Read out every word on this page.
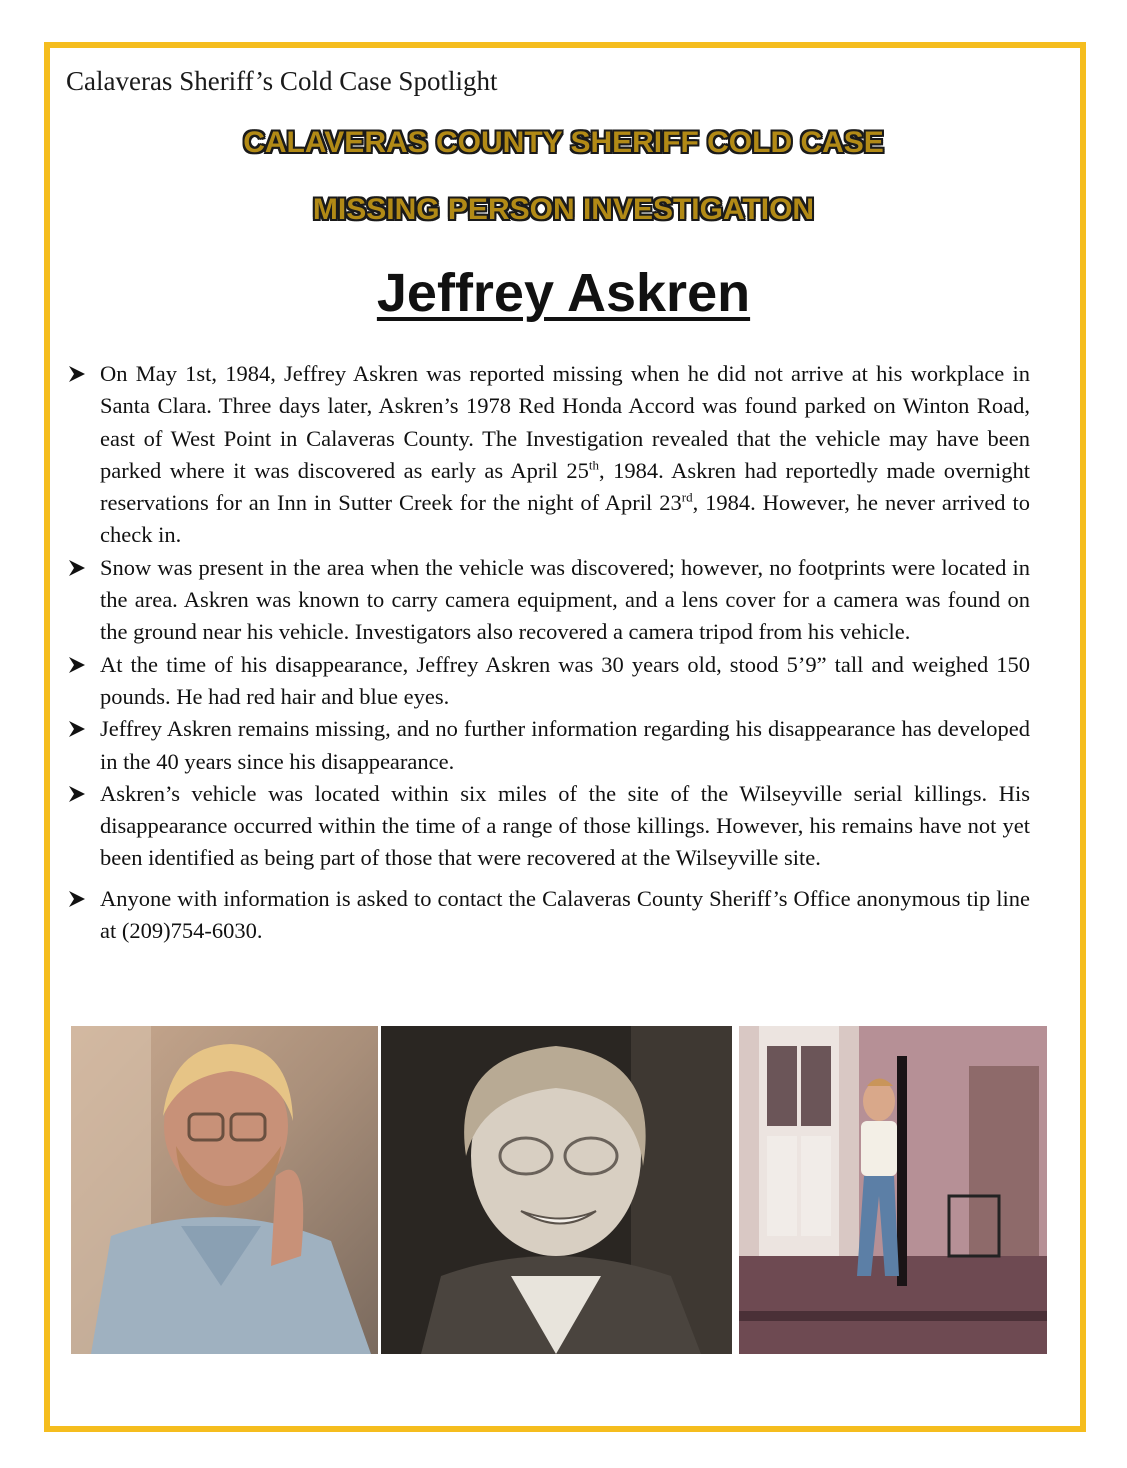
Calaveras Sheriff’s Cold Case Spotlight
CALAVERAS COUNTY SHERIFF COLD CASE
MISSING PERSON INVESTIGATION
Jeffrey Askren
On May 1st, 1984, Jeffrey Askren was reported missing when he did not arrive at his workplace in Santa Clara. Three days later, Askren’s 1978 Red Honda Accord was found parked on Winton Road, east of West Point in Calaveras County. The Investigation revealed that the vehicle may have been parked where it was discovered as early as April 25th, 1984. Askren had reportedly made overnight reservations for an Inn in Sutter Creek for the night of April 23rd, 1984. However, he never arrived to check in.
Snow was present in the area when the vehicle was discovered; however, no footprints were located in the area. Askren was known to carry camera equipment, and a lens cover for a camera was found on the ground near his vehicle. Investigators also recovered a camera tripod from his vehicle.
At the time of his disappearance, Jeffrey Askren was 30 years old, stood 5’9” tall and weighed 150 pounds. He had red hair and blue eyes.
Jeffrey Askren remains missing, and no further information regarding his disappearance has developed in the 40 years since his disappearance.
Askren’s vehicle was located within six miles of the site of the Wilseyville serial killings. His disappearance occurred within the time of a range of those killings. However, his remains have not yet been identified as being part of those that were recovered at the Wilseyville site.
Anyone with information is asked to contact the Calaveras County Sheriff’s Office anonymous tip line at (209)754-6030.
